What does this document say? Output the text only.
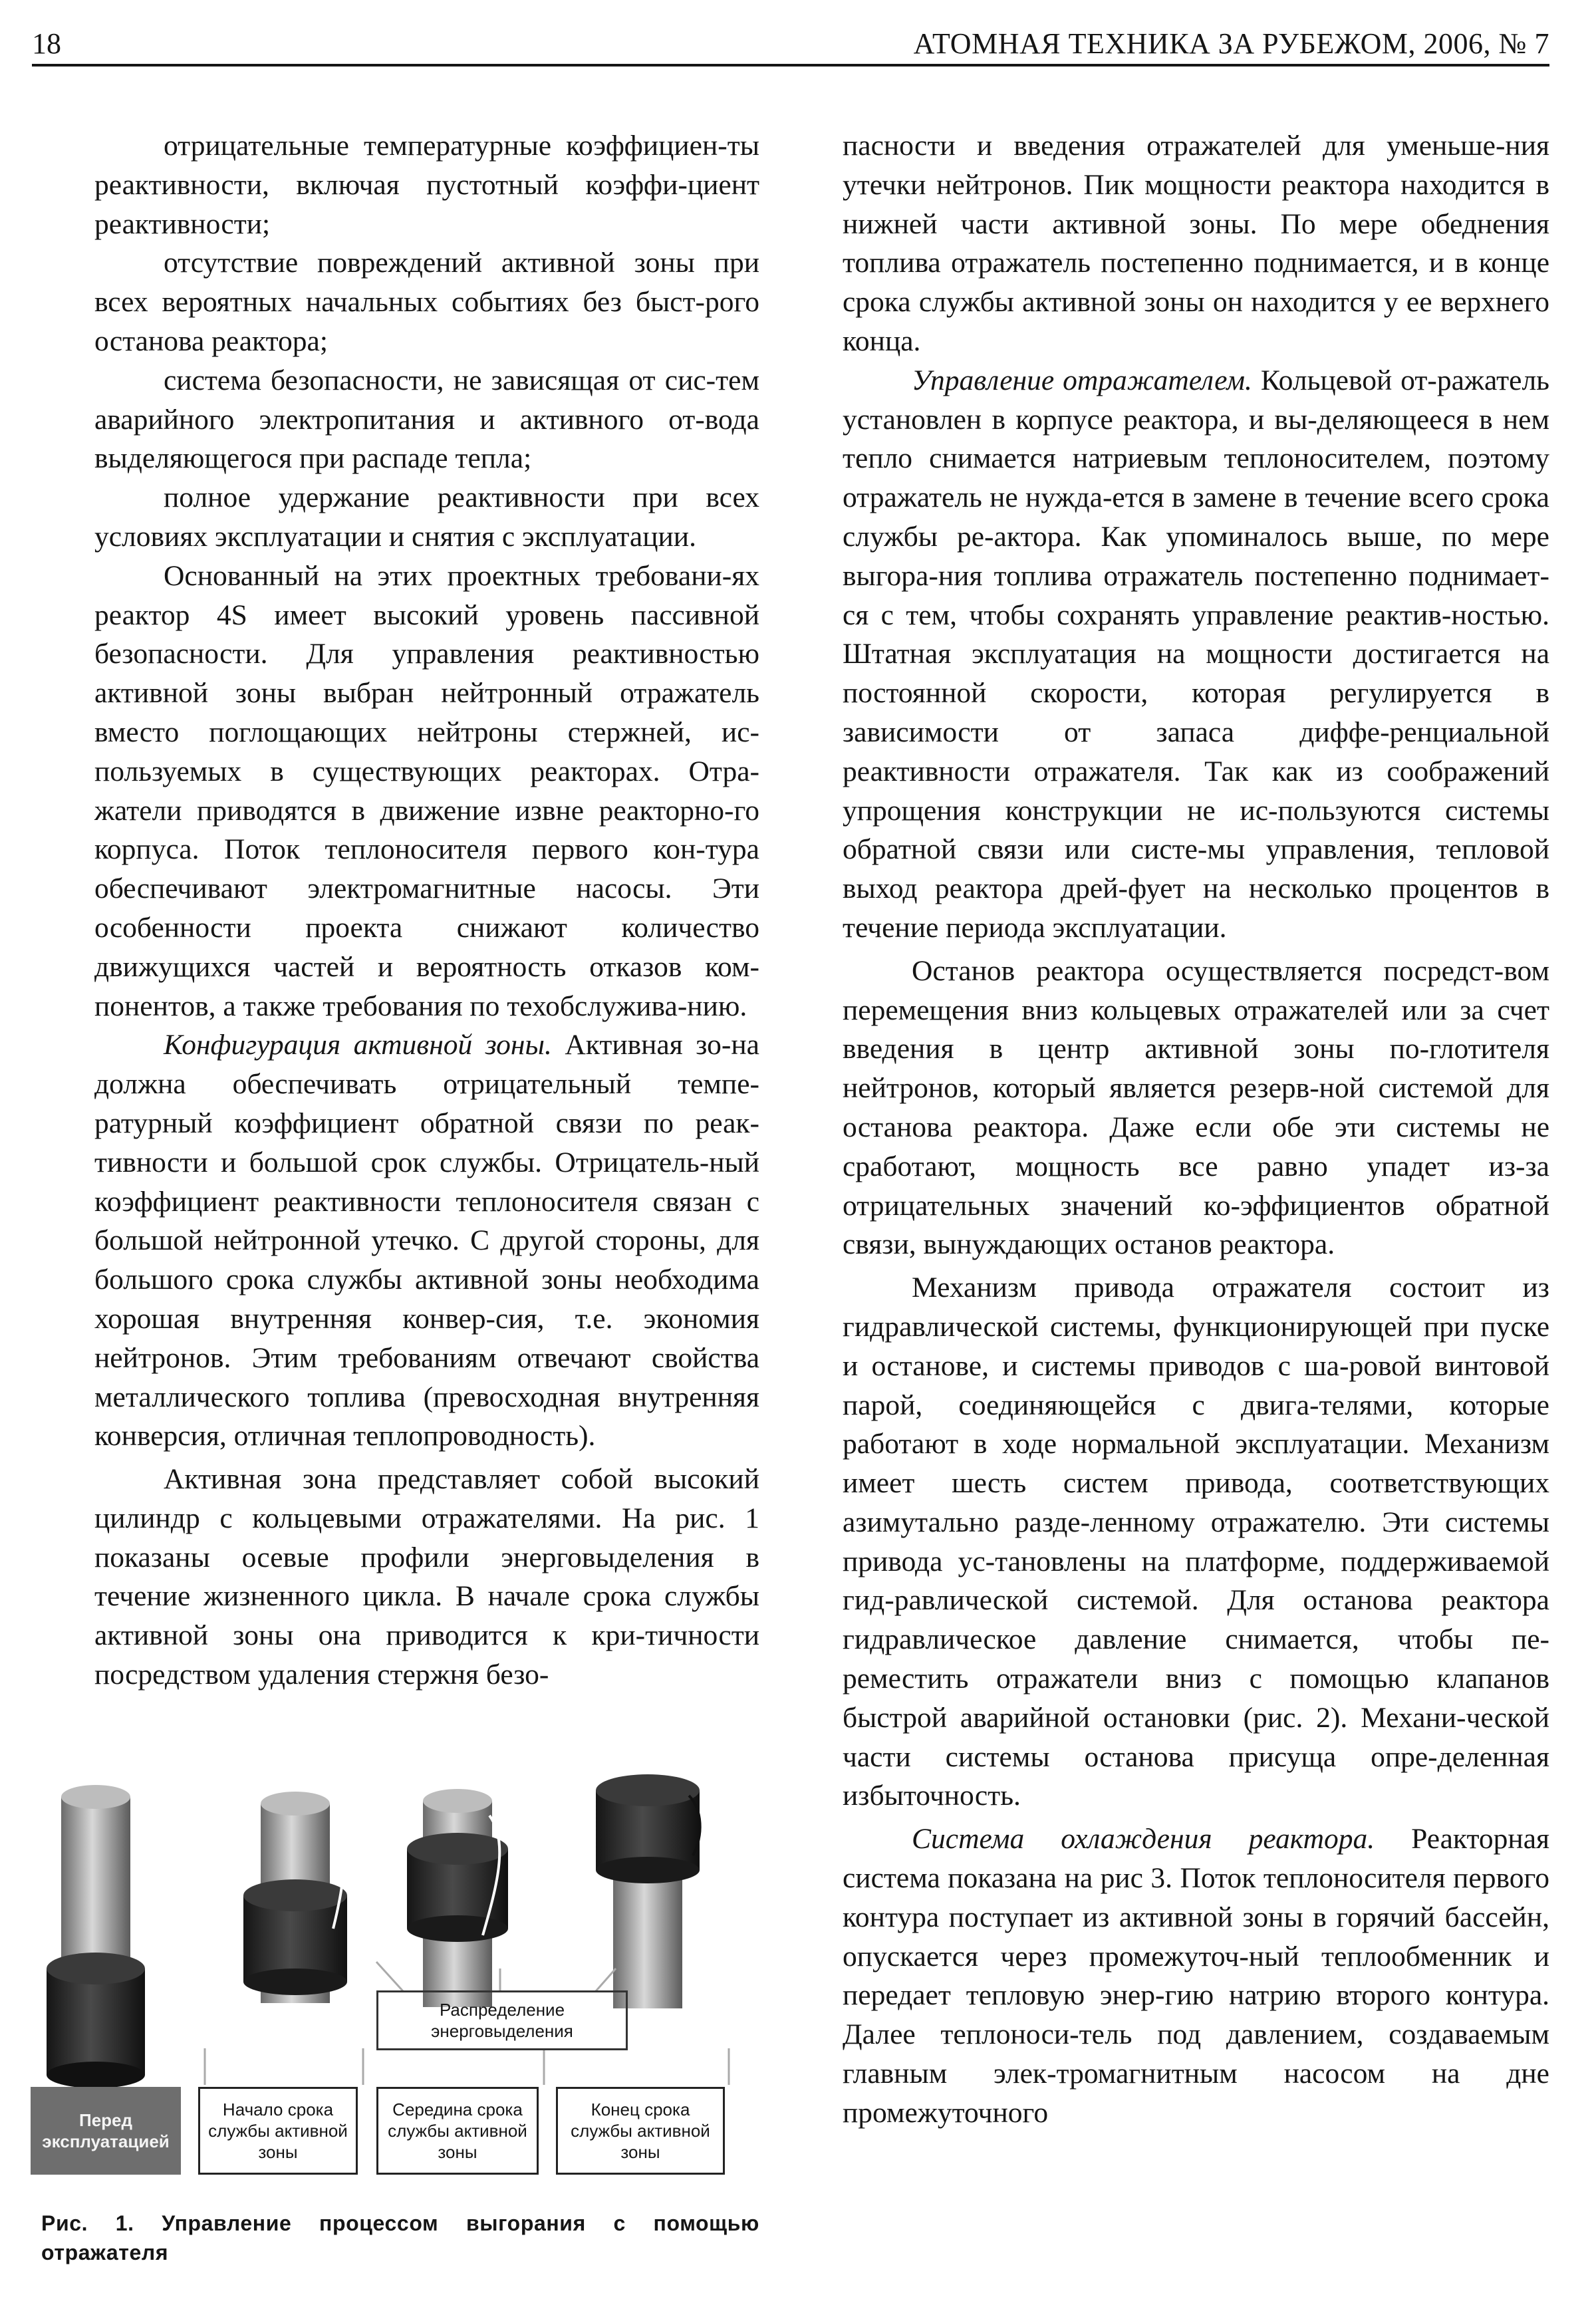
18	АТОМНАЯ ТЕХНИКА ЗА РУБЕЖОМ, 2006, № 7

отрицательные температурные коэффициен-ты реактивности, включая пустотный коэффи-циент реактивности;

отсутствие повреждений активной зоны при всех вероятных начальных событиях без быст-рого останова реактора;

система безопасности, не зависящая от сис-тем аварийного электропитания и активного от-вода выделяющегося при распаде тепла;

полное удержание реактивности при всех условиях эксплуатации и снятия с эксплуатации.

Основанный на этих проектных требовани-ях реактор 4S имеет высокий уровень пассивной безопасности. Для управления реактивностью активной зоны выбран нейтронный отражатель вместо поглощающих нейтроны стержней, ис-пользуемых в существующих реакторах. Отра-жатели приводятся в движение извне реакторно-го корпуса. Поток теплоносителя первого кон-тура обеспечивают электромагнитные насосы. Эти особенности проекта снижают количество движущихся частей и вероятность отказов ком-понентов, а также требования по техобслужива-нию.

Конфигурация активной зоны. Активная зо-на должна обеспечивать отрицательный темпе-ратурный коэффициент обратной связи по реак-тивности и большой срок службы. Отрицатель-ный коэффициент реактивности теплоносителя связан с большой нейтронной утечко. С другой стороны, для большого срока службы активной зоны необходима хорошая внутренняя конвер-сия, т.е. экономия нейтронов. Этим требованиям отвечают свойства металлического топлива (превосходная внутренняя конверсия, отличная теплопроводность).

Активная зона представляет собой высокий цилиндр с кольцевыми отражателями. На рис. 1 показаны осевые профили энерговыделения в течение жизненного цикла. В начале срока службы активной зоны она приводится к кри-тичности посредством удаления стержня безо-

пасности и введения отражателей для уменьше-ния утечки нейтронов. Пик мощности реактора находится в нижней части активной зоны. По мере обеднения топлива отражатель постепенно поднимается, и в конце срока службы активной зоны он находится у ее верхнего конца.

Управление отражателем. Кольцевой от-ражатель установлен в корпусе реактора, и вы-деляющееся в нем тепло снимается натриевым теплоносителем, поэтому отражатель не нужда-ется в замене в течение всего срока службы ре-актора. Как упоминалось выше, по мере выгора-ния топлива отражатель постепенно поднимает-ся с тем, чтобы сохранять управление реактив-ностью. Штатная эксплуатация на мощности достигается на постоянной скорости, которая регулируется в зависимости от запаса диффе-ренциальной реактивности отражателя. Так как из соображений упрощения конструкции не ис-пользуются системы обратной связи или систе-мы управления, тепловой выход реактора дрей-фует на несколько процентов в течение периода эксплуатации.

Останов реактора осуществляется посредст-вом перемещения вниз кольцевых отражателей или за счет введения в центр активной зоны по-глотителя нейтронов, который является резерв-ной системой для останова реактора. Даже если обе эти системы не сработают, мощность все равно упадет из-за отрицательных значений ко-эффициентов обратной связи, вынуждающих останов реактора.

Механизм привода отражателя состоит из гидравлической системы, функционирующей при пуске и останове, и системы приводов с ша-ровой винтовой парой, соединяющейся с двига-телями, которые работают в ходе нормальной эксплуатации. Механизм имеет шесть систем привода, соответствующих азимутально разде-ленному отражателю. Эти системы привода ус-тановлены на платформе, поддерживаемой гид-равлической системой. Для останова реактора гидравлическое давление снимается, чтобы пе-реместить отражатели вниз с помощью клапанов быстрой аварийной остановки (рис. 2). Механи-ческой части системы останова присуща опре-деленная избыточность.

Система охлаждения реактора. Реакторная система показана на рис 3. Поток теплоносителя первого контура поступает из активной зоны в горячий бассейн, опускается через промежуточ-ный теплообменник и передает тепловую энер-гию натрию второго контура. Далее теплоноси-тель под давлением, создаваемым главным элек-тромагнитным насосом на дне промежуточного

Распределение энерговыделения
Перед эксплуатацией
Начало срока службы активной зоны
Середина срока службы активной зоны
Конец срока службы активной зоны
Рис. 1. Управление процессом выгорания с помощью отражателя
